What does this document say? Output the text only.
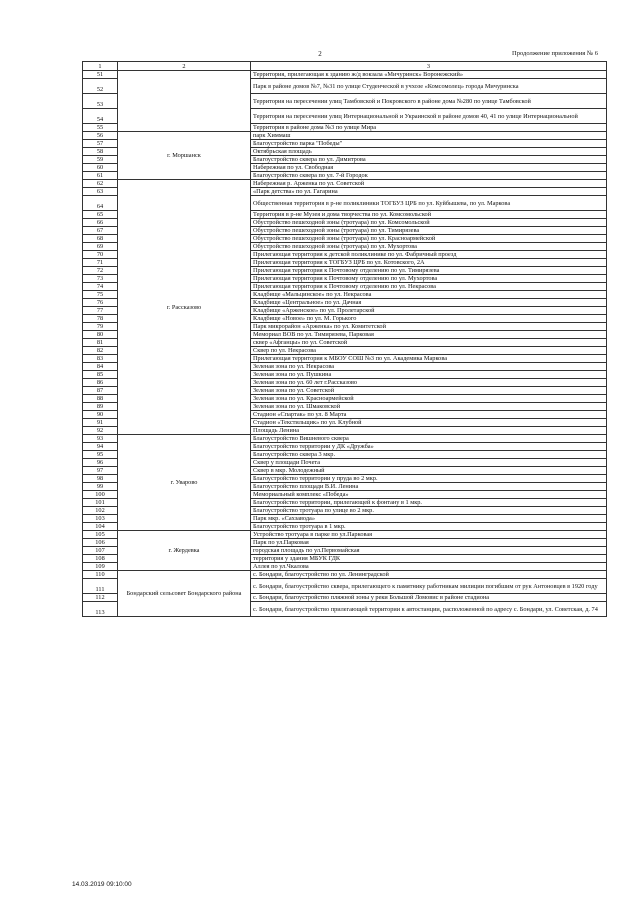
2	Продолжение приложения № 6
1	2	3
51		Территория, прилегающая к зданию ж/д вокзала «Мичуринск» Воронежский»
52		Парк в районе домов №7, №31 по улице Студенческой в учхозе «Комсомолец» города Мичуринска
53		Территория на пересечении улиц Тамбовской и Покровского в районе дома №280 по улице Тамбовской
54		Территория на пересечении улиц Интернациональной и Украинской в районе домов 40, 41 по улице Интернациональной
55		Территория в районе дома №3 по улице Мира
56	г. Моршанск	парк Химмаш
57		Благоустройство парка "Победы"
58		Октябрьская площадь
59		Благоустройство сквера по ул. Димитрова
60		Набережная по ул. Свободная
61		Благоустройство сквера по ул. 7-й Городок
62	г. Рассказово	Набережная р. Арженка по ул. Советской
63		«Парк детства» по ул. Гагарина
64		Общественная территория в р-не поликлиники ТОГБУЗ ЦРБ по ул. Куйбышева, по ул. Маркова
65		Территория в р-не Музея и дома творчества по ул. Комсомольской
66		Обустройство пешеходной зоны (тротуара) по ул. Комсомольской
67		Обустройство пешеходной зоны (тротуара) по ул. Тимирязева
68		Обустройство пешеходной зоны (тротуара) по ул. Красноармейской
69		Обустройство пешеходной зоны (тротуара) по ул. Мухортова
70		Прилегающая территория к детской поликлинике по ул. Фабричный проезд
71		Прилегающая территория к ТОГБУЗ ЦРБ по ул. Котовского, 2А
72		Прилегающая территория к Почтовому отделению по ул. Тимирязева
73		Прилегающая территория к Почтовому отделению по ул. Мухортова
74		Прилегающая территория к Почтовому отделению по ул. Некрасова
75		Кладбище «Мальцинское» по ул. Некрасова
76		Кладбище «Центральное» по ул. Дачная
77		Кладбище «Арженское» по ул. Пролетарской
78		Кладбище «Новое» по ул. М. Горького
79		Парк микрорайон «Арженка» по ул. Комитетской
80		Мемориал ВОВ по ул. Тимирязева, Парковая
81		сквер «Афганцы» по ул. Советской
82		Сквер по ул. Некрасова
83		Прилегающая территория к МБОУ СОШ №3 по ул. Академика Маркова
84		Зеленая зона по ул. Некрасова
85		Зеленая зона по ул. Пушкина
86		Зеленая зона по ул. 60 лет г.Рассказово
87		Зеленая зона по ул. Советской
88		Зеленая зона по ул. Красноармейской
89		Зеленая зона по ул. Шмаковской
90		Стадион «Спартак» по ул. 8 Марта
91		Стадион «Текстильщик» по ул. Клубной
92		Площадь Ленина
93	г. Уварово	Благоустройство Вишневого сквера
94		Благоустройство территории у ДК «Дружба»
95		Благоустройство сквера 3 мкр.
96		Сквер у площади Почета
97		Сквер в мкр. Молодежный
98		Благоустройство территории у пруда во 2 мкр.
99		Благоустройство площади В.И. Ленина
100		Мемориальный комплекс «Победа»
101		Благоустройство территории, прилегающей к фонтану в 1 мкр.
102		Благоустройство тротуара по улице во 2 мкр.
103		Парк мкр. «Сахзавода»
104		Благоустройство тротуара в 1 мкр.
105	г. Жердевка	Устройство тротуара в парке по ул.Парковая
106		Парк по ул.Парковая
107		городская площадь по ул.Первомайская
108		территория у здания МБУК ГДК
109		Аллея по ул.Чкалова
110	Бондарский сельсовет Бондарского района	с. Бондари, благоустройство по ул. Ленинградской
111		с. Бондари, благоустройство сквера, прилегающего к памятнику работникам милиции погибшим от рук Антоновцев в 1920 году
112		с. Бондари, благоустройство пляжной зоны у реки Большой Ломовис в районе стадиона
113		с. Бондари, благоустройство прилегающей территории к автостанции, расположенной по адресу с. Бондари, ул. Советская, д. 74
14.03.2019 09:10:00
